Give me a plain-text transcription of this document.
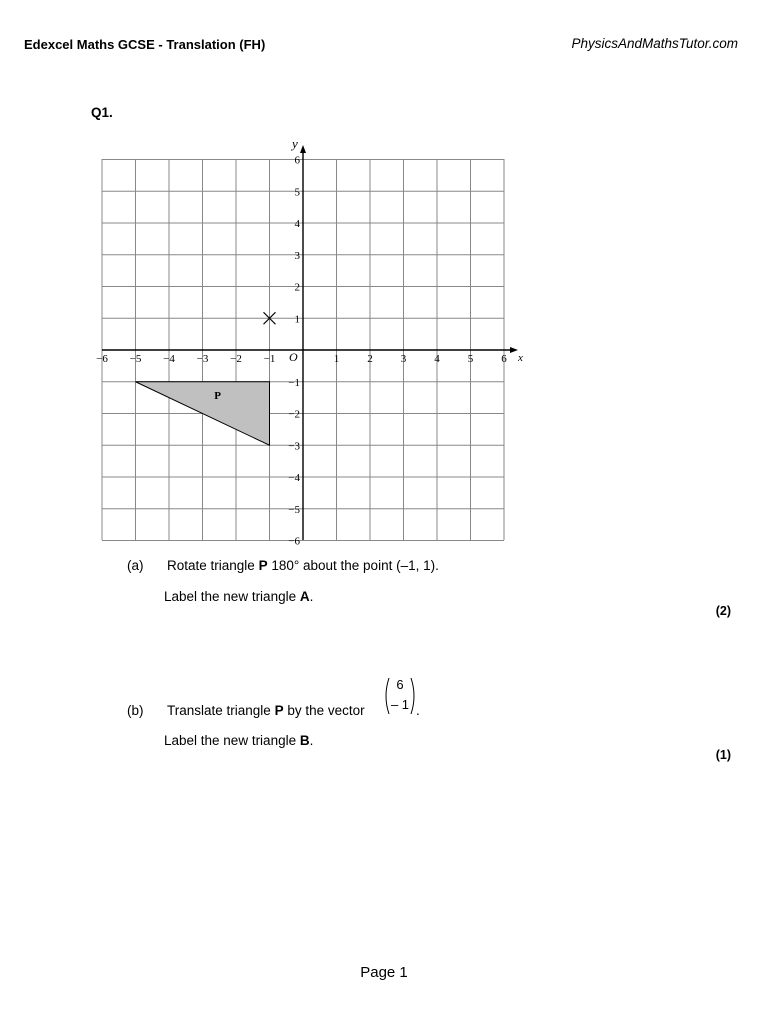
Edexcel Maths GCSE - Translation (FH)	PhysicsAndMathsTutor.com
Q1.
x
y
O
−6 −5 −4 −3 −2 −1	1	2	3	4	5	6
6
5
4
3
2
1
−1
−2
−3
−4
−5
−6
P
(a) Rotate triangle P 180° about the point (–1, 1).
Label the new triangle A.
(2)
(b) Translate triangle P by the vector
6
– 1 .
Label the new triangle B.
(1)
Page 1
